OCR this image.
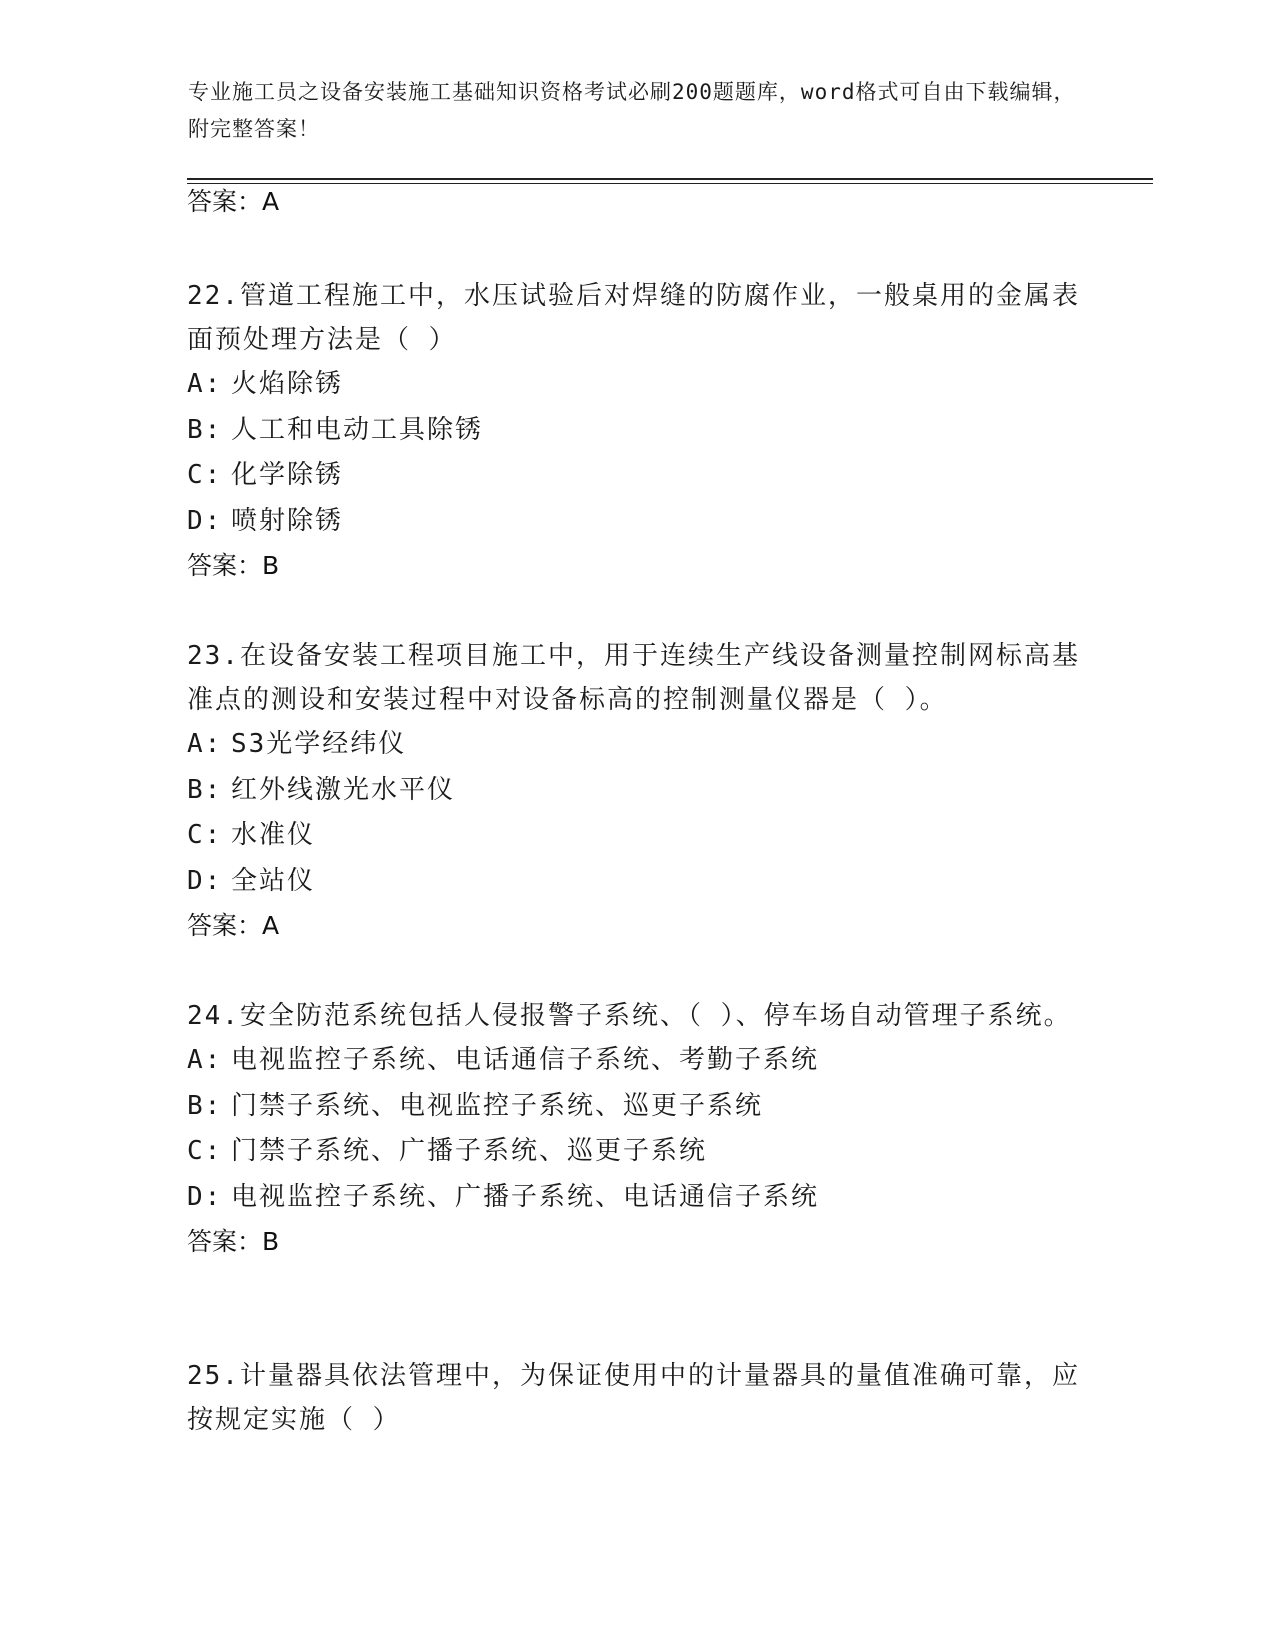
专业施工员之设备安装施工基础知识资格考试必刷200题题库，word格式可自由下载编辑，附完整答案！
答案：A
22.管道工程施工中，水压试验后对焊缝的防腐作业，一般桌用的金属表面预处理方法是（ ）
A: 火焰除锈
B: 人工和电动工具除锈
C: 化学除锈
D: 喷射除锈
答案：B
23.在设备安装工程项目施工中，用于连续生产线设备测量控制网标高基准点的测设和安装过程中对设备标高的控制测量仪器是（ ）。
A: S3光学经纬仪
B: 红外线激光水平仪
C: 水准仪
D: 全站仪
答案：A
24.安全防范系统包括人侵报警子系统、（ ）、停车场自动管理子系统。
A: 电视监控子系统、电话通信子系统、考勤子系统
B: 门禁子系统、电视监控子系统、巡更子系统
C: 门禁子系统、广播子系统、巡更子系统
D: 电视监控子系统、广播子系统、电话通信子系统
答案：B
25.计量器具依法管理中，为保证使用中的计量器具的量值准确可靠，应按规定实施（ ）
